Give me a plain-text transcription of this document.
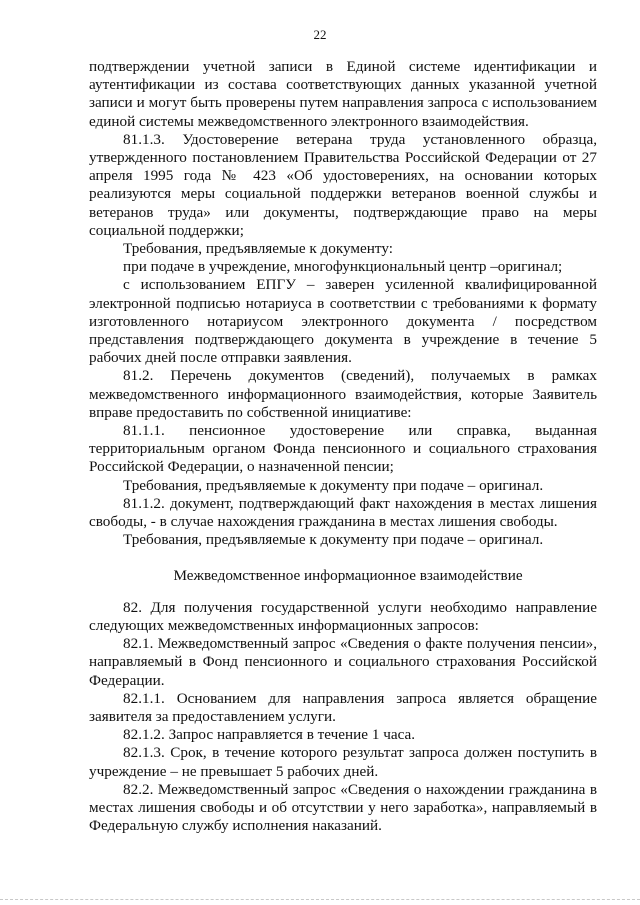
22

подтверждении учетной записи в Единой системе идентификации и аутентификации из состава соответствующих данных указанной учетной записи и могут быть проверены путем направления запроса с использованием единой системы межведомственного электронного взаимодействия.

81.1.3. Удостоверение ветерана труда установленного образца, утвержденного постановлением Правительства Российской Федерации от 27 апреля 1995 года № 423 «Об удостоверениях, на основании которых реализуются меры социальной поддержки ветеранов военной службы и ветеранов труда» или документы, подтверждающие право на меры социальной поддержки;

Требования, предъявляемые к документу:

при подаче в учреждение, многофункциональный центр –оригинал;

с использованием ЕПГУ – заверен усиленной квалифицированной электронной подписью нотариуса в соответствии с требованиями к формату изготовленного нотариусом электронного документа / посредством представления подтверждающего документа в учреждение в течение 5 рабочих дней после отправки заявления.

81.2. Перечень документов (сведений), получаемых в рамках межведомственного информационного взаимодействия, которые Заявитель вправе предоставить по собственной инициативе:

81.1.1. пенсионное удостоверение или справка, выданная территориальным органом Фонда пенсионного и социального страхования Российской Федерации, о назначенной пенсии;

Требования, предъявляемые к документу при подаче – оригинал.

81.1.2. документ, подтверждающий факт нахождения в местах лишения свободы, - в случае нахождения гражданина в местах лишения свободы.

Требования, предъявляемые к документу при подаче – оригинал.

Межведомственное информационное взаимодействие

82. Для получения государственной услуги необходимо направление следующих межведомственных информационных запросов:

82.1. Межведомственный запрос «Сведения о факте получения пенсии», направляемый в Фонд пенсионного и социального страхования Российской Федерации.

82.1.1. Основанием для направления запроса является обращение заявителя за предоставлением услуги.

82.1.2. Запрос направляется в течение 1 часа.

82.1.3. Срок, в течение которого результат запроса должен поступить в учреждение – не превышает 5 рабочих дней.

82.2. Межведомственный запрос «Сведения о нахождении гражданина в местах лишения свободы и об отсутствии у него заработка», направляемый в Федеральную службу исполнения наказаний.
